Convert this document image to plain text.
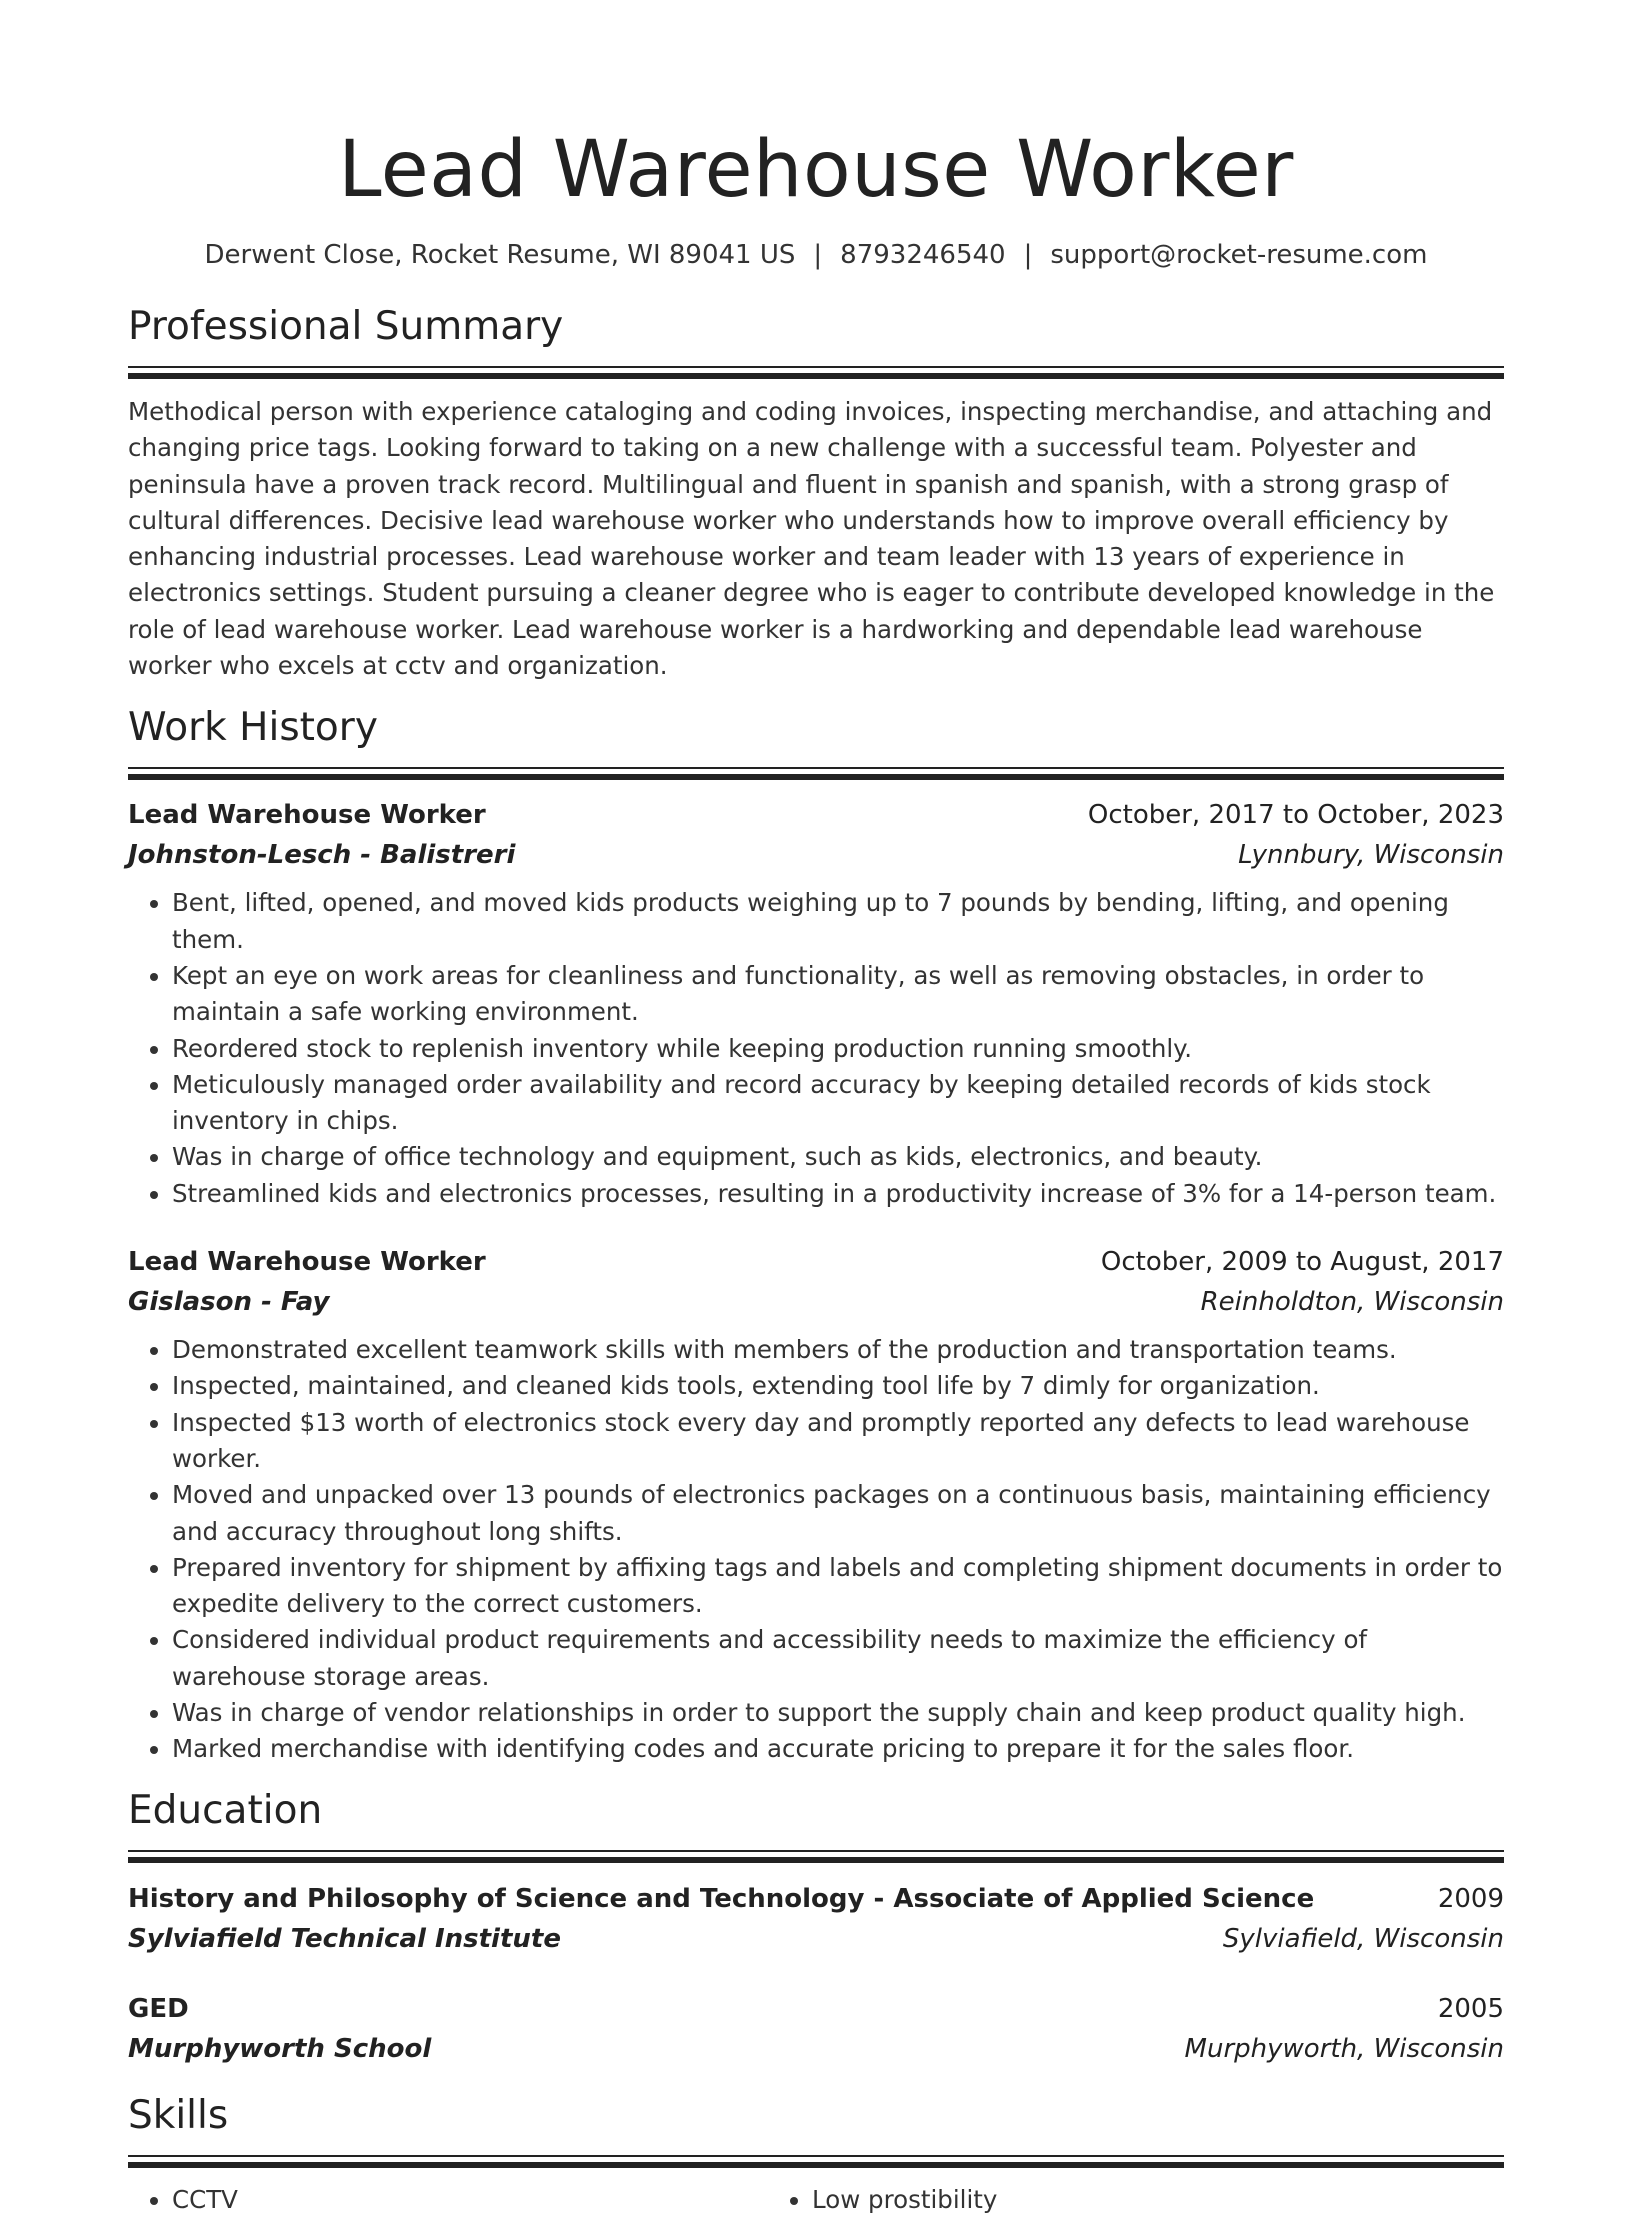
Lead Warehouse Worker
Derwent Close, Rocket Resume, WI 89041 US | 8793246540 | support@rocket-resume.com
Professional Summary

Methodical person with experience cataloging and coding invoices, inspecting merchandise, and attaching and changing price tags. Looking forward to taking on a new challenge with a successful team. Polyester and peninsula have a proven track record. Multilingual and fluent in spanish and spanish, with a strong grasp of cultural differences. Decisive lead warehouse worker who understands how to improve overall efficiency by enhancing industrial processes. Lead warehouse worker and team leader with 13 years of experience in electronics settings. Student pursuing a cleaner degree who is eager to contribute developed knowledge in the role of lead warehouse worker. Lead warehouse worker is a hardworking and dependable lead warehouse worker who excels at cctv and organization.

Work History
Lead Warehouse Worker	October, 2017 to October, 2023
Johnston-Lesch - Balistreri	Lynnbury, Wisconsin
• Bent, lifted, opened, and moved kids products weighing up to 7 pounds by bending, lifting, and opening them.
• Kept an eye on work areas for cleanliness and functionality, as well as removing obstacles, in order to maintain a safe working environment.
• Reordered stock to replenish inventory while keeping production running smoothly.
• Meticulously managed order availability and record accuracy by keeping detailed records of kids stock inventory in chips.
• Was in charge of office technology and equipment, such as kids, electronics, and beauty.
• Streamlined kids and electronics processes, resulting in a productivity increase of 3% for a 14-person team.
Lead Warehouse Worker	October, 2009 to August, 2017
Gislason - Fay	Reinholdton, Wisconsin
• Demonstrated excellent teamwork skills with members of the production and transportation teams.
• Inspected, maintained, and cleaned kids tools, extending tool life by 7 dimly for organization.
• Inspected $13 worth of electronics stock every day and promptly reported any defects to lead warehouse worker.
• Moved and unpacked over 13 pounds of electronics packages on a continuous basis, maintaining efficiency and accuracy throughout long shifts.
• Prepared inventory for shipment by affixing tags and labels and completing shipment documents in order to expedite delivery to the correct customers.
• Considered individual product requirements and accessibility needs to maximize the efficiency of warehouse storage areas.
• Was in charge of vendor relationships in order to support the supply chain and keep product quality high.
• Marked merchandise with identifying codes and accurate pricing to prepare it for the sales floor.
Education
History and Philosophy of Science and Technology - Associate of Applied Science	2009
Sylviafield Technical Institute	Sylviafield, Wisconsin
GED	2005
Murphyworth School	Murphyworth, Wisconsin
Skills
• CCTV
•	Low prostibility
